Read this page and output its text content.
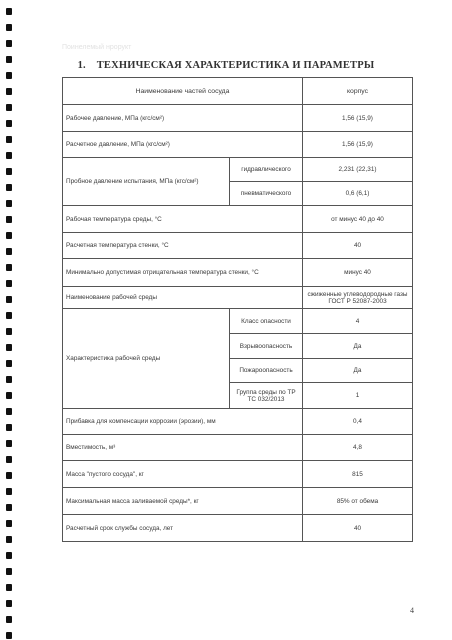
Поинелемый нрорукт
1. ТЕХНИЧЕСКАЯ ХАРАКТЕРИСТИКА И ПАРАМЕТРЫ
Наименование частей сосуда		корпус
Рабочее давление, МПа (кгс/см²)		1,56 (15,9)
Расчетное давление, МПа (кгс/см²)		1,56 (15,9)
Пробное давление испытания, МПа (кгс/см²)	гидравлического	2,231 (22,31)
	пневматического	0,6 (6,1)
Рабочая температура среды, °С		от минус 40 до 40
Расчетная температура стенки, °С		40
Минимально допустимая отрицательная температура стенки, °С		минус 40
Наименование рабочей среды		сжиженные углеводородные газы ГОСТ Р 52087-2003
Характеристика рабочей среды	Класс опасности	4
	Взрывоопасность	Да
	Пожароопасность	Да
	Группа среды по ТР ТС 032/2013	1
Прибавка для компенсации коррозии (эрозии), мм		0,4
Вместимость, м³		4,8
Масса "пустого сосуда", кг		815
Максимальная масса заливаемой среды*, кг		85% от обема
Расчетный срок службы сосуда, лет		40
4
